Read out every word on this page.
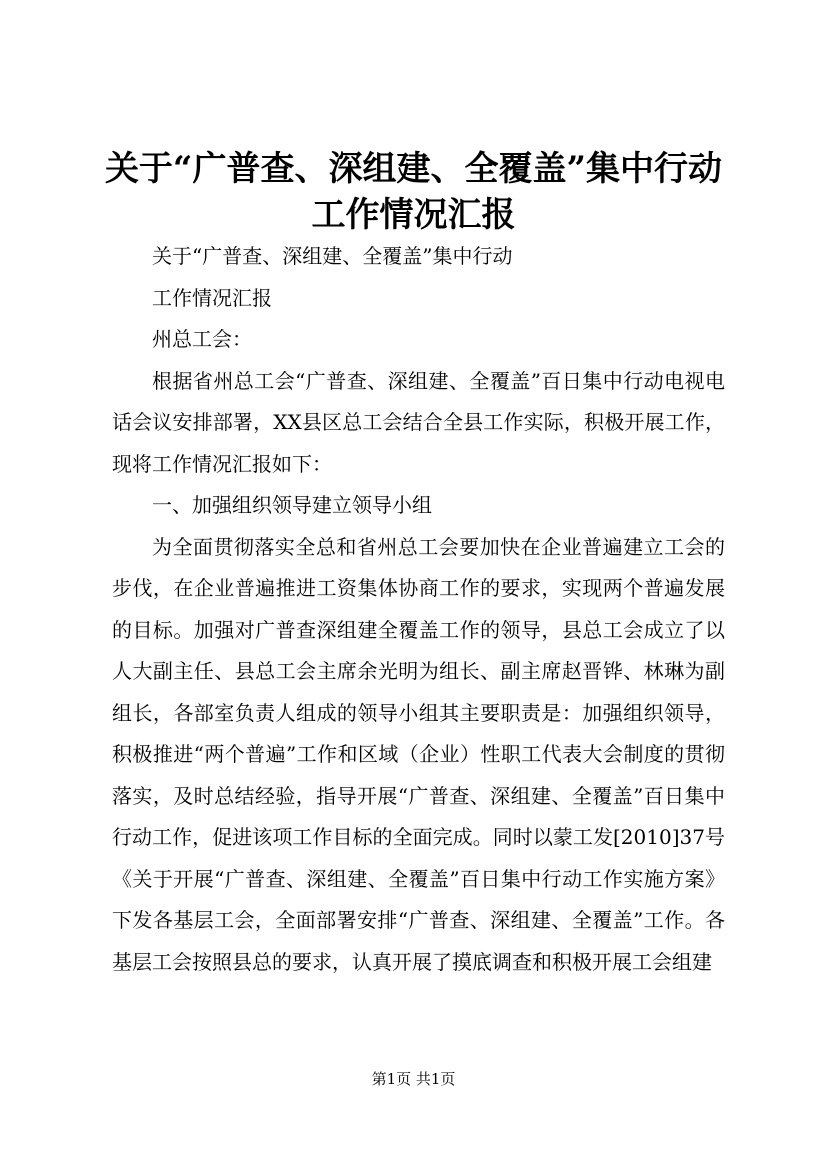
关于“广普查、深组建、全覆盖”集中行动工作情况汇报

关于“广普查、深组建、全覆盖”集中行动

工作情况汇报

州总工会：

根据省州总工会“广普查、深组建、全覆盖”百日集中行动电视电话会议安排部署，XX县区总工会结合全县工作实际，积极开展工作，现将工作情况汇报如下：

一、加强组织领导建立领导小组

为全面贯彻落实全总和省州总工会要加快在企业普遍建立工会的步伐，在企业普遍推进工资集体协商工作的要求，实现两个普遍发展的目标。加强对广普查深组建全覆盖工作的领导，县总工会成立了以人大副主任、县总工会主席余光明为组长、副主席赵晋铧、林琳为副组长，各部室负责人组成的领导小组其主要职责是：加强组织领导，积极推进“两个普遍”工作和区域（企业）性职工代表大会制度的贯彻落实，及时总结经验，指导开展“广普查、深组建、全覆盖”百日集中行动工作，促进该项工作目标的全面完成。同时以蒙工发[2010]37号《关于开展“广普查、深组建、全覆盖”百日集中行动工作实施方案》下发各基层工会，全面部署安排“广普查、深组建、全覆盖”工作。各基层工会按照县总的要求，认真开展了摸底调查和积极开展工会组建

第1页 共1页
